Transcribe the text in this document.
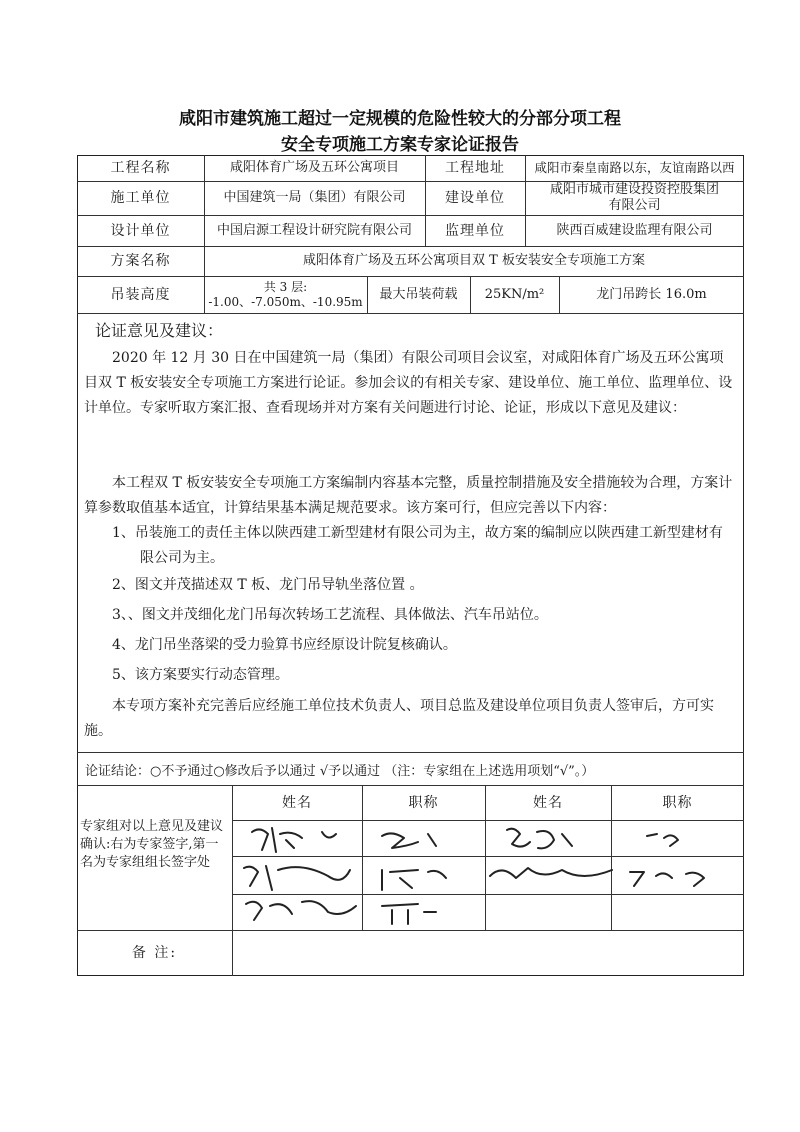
咸阳市建筑施工超过一定规模的危险性较大的分部分项工程
安全专项施工方案专家论证报告
工程名称	咸阳体育广场及五环公寓项目	工程地址	咸阳市秦皇南路以东，友谊南路以西
施工单位	中国建筑一局（集团）有限公司	建设单位
咸阳市城市建设投资控股集团
有限公司
设计单位	中国启源工程设计研究院有限公司	监理单位	陕西百威建设监理有限公司
方案名称	咸阳体育广场及五环公寓项目双 T 板安装安全专项施工方案
吊装高度	共 3 层:
-1.00、-7.050m、-10.95m	最大吊装荷载	25KN/m²	龙门吊跨长 16.0m
论证意见及建议：

2020 年 12 月 30 日在中国建筑一局（集团）有限公司项目会议室，对咸阳体育广场及五环公寓项目双 T 板安装安全专项施工方案进行论证。参加会议的有相关专家、建设单位、施工单位、监理单位、设计单位。专家听取方案汇报、查看现场并对方案有关问题进行讨论、论证，形成以下意见及建议：

本工程双 T 板安装安全专项施工方案编制内容基本完整，质量控制措施及安全措施较为合理，方案计算参数取值基本适宜，计算结果基本满足规范要求。该方案可行，但应完善以下内容：

1、吊装施工的责任主体以陕西建工新型建材有限公司为主，故方案的编制应以陕西建工新型建材有限公司为主。

2、图文并茂描述双 T 板、龙门吊导轨坐落位置 。

3、、图文并茂细化龙门吊每次转场工艺流程、具体做法、汽车吊站位。

4、龙门吊坐落梁的受力验算书应经原设计院复核确认。

5、该方案要实行动态管理。

本专项方案补充完善后应经施工单位技术负责人、项目总监及建设单位项目负责人签审后，方可实施。

论证结论：○不予通过○修改后予以通过 √予以通过 （注：专家组在上述选用项划“√”。）
专家组对以上意见及建议确认:右为专家签字,第一名为专家组组长签字处
姓名	职称	姓名	职称
备 注:
